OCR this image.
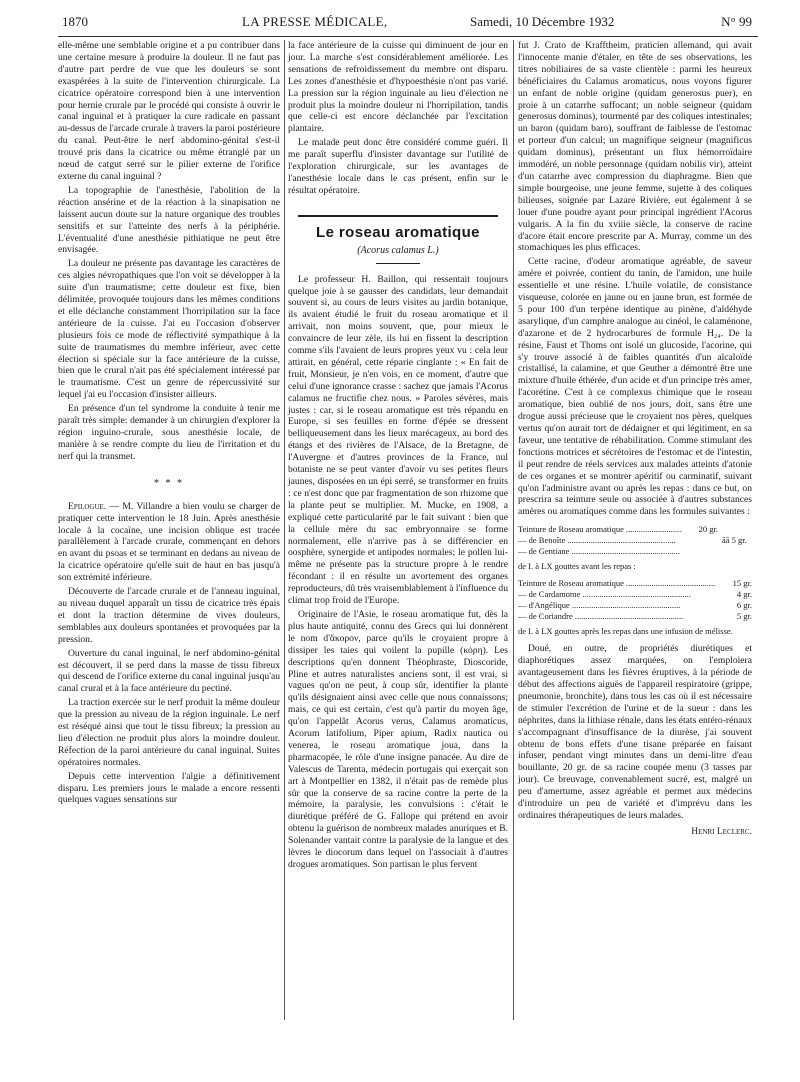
1870	LA PRESSE MÉDICALE,	Samedi, 10 Décembre 1932	N° 99

elle-même une semblable origine et a pu contribuer dans une certaine mesure à produire la douleur. Il ne faut pas d'autre part perdre de vue que les douleurs se sont exaspérées à la suite de l'intervention chirurgicale. La cicatrice opératoire correspond bien à une intervention pour hernie crurale par le procédé qui consiste à ouvrir le canal inguinal et à pratiquer la cure radicale en passant au-dessus de l'arcade crurale à travers la paroi postérieure du canal. Peut-être le nerf abdomino-génital s'est-il trouvé pris dans la cicatrice ou même étranglé par un nœud de catgut serré sur le pilier externe de l'orifice externe du canal inguinal ?

La topographie de l'anesthésie, l'abolition de la réaction ansérine et de la réaction à la sinapisation ne laissent aucun doute sur la nature organique des troubles sensitifs et sur l'atteinte des nerfs à la périphérie. L'éventualité d'une anesthésie pithiatique ne peut être envisagée.

La douleur ne présente pas davantage les caractères de ces algies névropathiques que l'on voit se développer à la suite d'un traumatisme; cette douleur est fixe, bien délimitée, provoquée toujours dans les mêmes conditions et elle déclanche constamment l'horripilation sur la face antérieure de la cuisse. J'ai eu l'occasion d'observer plusieurs fois ce mode de réflectivité sympathique à la suite de traumatismes du membre inférieur, avec cette élection si spéciale sur la face antérieure de la cuisse, bien que le crural n'ait pas été spécialement intéressé par le traumatisme. C'est un genre de répercussivité sur lequel j'ai eu l'occasion d'insister ailleurs.

En présence d'un tel syndrome la conduite à tenir me paraît très simple: demander à un chirurgien d'explorer la région inguino-crurale, sous anesthésie locale, de manière à se rendre compte du lieu de l'irritation et du nerf qui la transmet.

* * *

Epilogue. — M. Villandre a bien voulu se charger de pratiquer cette intervention le 18 Juin. Après anesthésie locale à la cocaïne, une incision oblique est tracée parallèlement à l'arcade crurale, commençant en dehors en avant du psoas et se terminant en dedans au niveau de la cicatrice opératoire qu'elle suit de haut en bas jusqu'à son extrémité inférieure.

Découverte de l'arcade crurale et de l'anneau inguinal, au niveau duquel apparaît un tissu de cicatrice très épais et dont la traction détermine de vives douleurs, semblables aux douleurs spontanées et provoquées par la pression.

Ouverture du canal inguinal, le nerf abdomino-génital est découvert, il se perd dans la masse de tissu fibreux qui descend de l'orifice externe du canal inguinal jusqu'au canal crural et à la face antérieure du pectiné.

La traction exercée sur le nerf produit la même douleur que la pression au niveau de la région inguinale. Le nerf est réséqué ainsi que tout le tissu fibreux; la pression au lieu d'élection ne produit plus alors la moindre douleur. Réfection de la paroi antérieure du canal inguinal. Suites opératoires normales.

Depuis cette intervention l'algie a définitivement disparu. Les premiers jours le malade a encore ressenti quelques vagues sensations sur

la face antérieure de la cuisse qui diminuent de jour en jour. La marche s'est considérablement améliorée. Les sensations de refroidissement du membre ont disparu. Les zones d'anesthésie et d'hypoesthésie n'ont pas varié. La pression sur la région inguinale au lieu d'élection ne produit plus la moindre douleur ni l'horripilation, tandis que celle-ci est encore déclanchée par l'excitation plantaire.

Le malade peut donc être considéré comme guéri. Il me paraît superflu d'insister davantage sur l'utilité de l'exploration chirurgicale, sur les avantages de l'anesthésie locale dans le cas présent, enfin sur le résultat opératoire.

Le roseau aromatique
(Acorus calamus L.)

Le professeur H. Baillon, qui ressentait toujours quelque joie à se gausser des candidats, leur demandait souvent si, au cours de leurs visites au jardin botanique, ils avaient étudié le fruit du roseau aromatique et il arrivait, non moins souvent, que, pour mieux le convaincre de leur zèle, ils lui en fissent la description comme s'ils l'avaient de leurs propres yeux vu : cela leur attirait, en général, cette réparie cinglante : « En fait de fruit, Monsieur, je n'en vois, en ce moment, d'autre que celui d'une ignorance crasse : sachez que jamais l'Acorus calamus ne fructifie chez nous. » Paroles sévères, mais justes : car, si le roseau aromatique est très répandu en Europe, si ses feuilles en forme d'épée se dressent belliqueusement dans les lieux marécageux, au bord des étangs et des rivières de l'Alsace, de la Bretagne, de l'Auvergne et d'autres provinces de la France, nul botaniste ne se peut vanter d'avoir vu ses petites fleurs jaunes, disposées en un épi serré, se transformer en fruits : ce n'est donc que par fragmentation de son rhizome que la plante peut se multiplier. M. Mucke, en 1908, a expliqué cette particularité par le fait suivant : bien que la cellule mère du sac embryonnaire se forme normalement, elle n'arrive pas à se différencier en oosphère, synergide et antipodes normales; le pollen lui-même ne présente pas la structure propre à le rendre fécondant : il en résulte un avortement des organes reproducteurs, dû très vraisemblablement à l'influence du climat trop froid de l'Europe.

Originaire de l'Asie, le roseau aromatique fut, dès la plus haute antiquité, connu des Grecs qui lui donnèrent le nom d'ἄκορον, parce qu'ils le croyaient propre à dissiper les taies qui voilent la pupille (κόρη). Les descriptions qu'en donnent Théophraste, Dioscoride, Pline et autres naturalistes anciens sont, il est vrai, si vagues qu'on ne peut, à coup sûr, identifier la plante qu'ils désignaient ainsi avec celle que nous connaissons; mais, ce qui est certain, c'est qu'à partir du moyen âge, qu'on l'appelât Acorus verus, Calamus aromaticus, Acorum latifolium, Piper apium, Radix nautica ou venerea, le roseau aromatique joua, dans la pharmacopée, le rôle d'une insigne panacée. Au dire de Valescus de Tarenta, médecin portugais qui exerçait son art à Montpellier en 1382, il n'était pas de remède plus sûr que la conserve de sa racine contre la perte de la mémoire, la paralysie, les convulsions : c'était le diurétique préféré de G. Fallope qui prétend en avoir obtenu la guérison de nombreux malades anuriques et B. Solenander vantait contre la paralysie de la langue et des lèvres le diocorum dans lequel on l'associait à d'autres drogues aromatiques. Son partisan le plus fervent

fut J. Crato de Krafftheim, praticien allemand, qui avait l'innocente manie d'étaler, en tête de ses observations, les titres nobiliaires de sa vaste clientèle : parmi les heureux bénéficiaires du Calamus aromaticus, nous voyons figurer un enfant de noble origine (quidam generosus puer), en proie à un catarrhe suffocant; un noble seigneur (quidam generosus dominus), tourmenté par des coliques intestinales; un baron (quidam baro), souffrant de faiblesse de l'estomac et porteur d'un calcul; un magnifique seigneur (magnificus quidam dominus), présentant un flux hémorroïdaire immodéré, un noble personnage (quidam nobilis vir), atteint d'un catarrhe avec compression du diaphragme. Bien que simple bourgeoise, une jeune femme, sujette à des coliques bilieuses, soignée par Lazare Rivière, eut également à se louer d'une poudre ayant pour principal ingrédient l'Acorus vulgaris. A la fin du xviiie siècle, la conserve de racine d'acore était encore prescrite par A. Murray, comme un des stomachiques les plus efficaces.

Cette racine, d'odeur aromatique agréable, de saveur amère et poivrée, contient du tanin, de l'amidon, une huile essentielle et une résine. L'huile volatile, de consistance visqueuse, colorée en jaune ou en jaune brun, est formée de 5 pour 100 d'un terpène identique au pinène, d'aldéhyde asarylique, d'un camphre analogue au cinéol, le calaménone, d'azarone et de 2 hydrocarbures de formule H₂₄. De la résine, Faust et Thoms ont isolé un glucoside, l'acorine, qui s'y trouve associé à de faibles quantités d'un alcaloïde cristallisé, la calamine, et que Geuther a démontré être une mixture d'huile éthérée, d'un acide et d'un principe très amer, l'acorétine. C'est à ce complexus chimique que le roseau aromatique, bien oublié de nos jours, doit, sans être une drogue aussi précieuse que le croyaient nos pères, quelques vertus qu'on aurait tort de dédaigner et qui légitiment, en sa faveur, une tentative de réhabilitation. Comme stimulant des fonctions motrices et sécrétoires de l'estomac et de l'intestin, il peut rendre de réels services aux malades atteints d'atonie de ces organes et se montrer apéritif ou carminatif, suivant qu'on l'administre avant ou après les repas : dans ce but, on prescrira sa teinture seule ou associée à d'autres substances amères ou aromatiques comme dans les formules suivantes :

Teinture de Roseau aromatique .....	20 gr.
— de Benoîte .....	āā 5 gr.
— de Gentiane .....

de I. à LX gouttes avant les repas :

Teinture de Roseau aromatique .....	15 gr.
— de Cardamome .....	4 gr.
— d'Angélique .....	6 gr.
— de Coriandre .....	5 gr.

de I. à LX gouttes après les repas dans une infusion de mélisse.

Doué, en outre, de propriétés diurétiques et diaphorétiques assez marquées, on l'emploiera avantageusement dans les fièvres éruptives, à la période de début des affections aiguës de l'appareil respiratoire (grippe, pneumonie, bronchite), dans tous les cas où il est nécessaire de stimuler l'excrétion de l'urine et de la sueur : dans les néphrites, dans la lithiase rénale, dans les états entéro-rénaux s'accompagnant d'insuffisance de la diurèse, j'ai souvent obtenu de bons effets d'une tisane préparée en faisant infuser, pendant vingt minutes dans un demi-litre d'eau bouillante, 20 gr. de sa racine coupée menu (3 tasses par jour). Ce breuvage, convenablement sucré, est, malgré un peu d'amertume, assez agréable et permet aux médecins d'introduire un peu de variété et d'imprévu dans les ordinaires thérapeutiques de leurs malades.

Henri Leclerc.
